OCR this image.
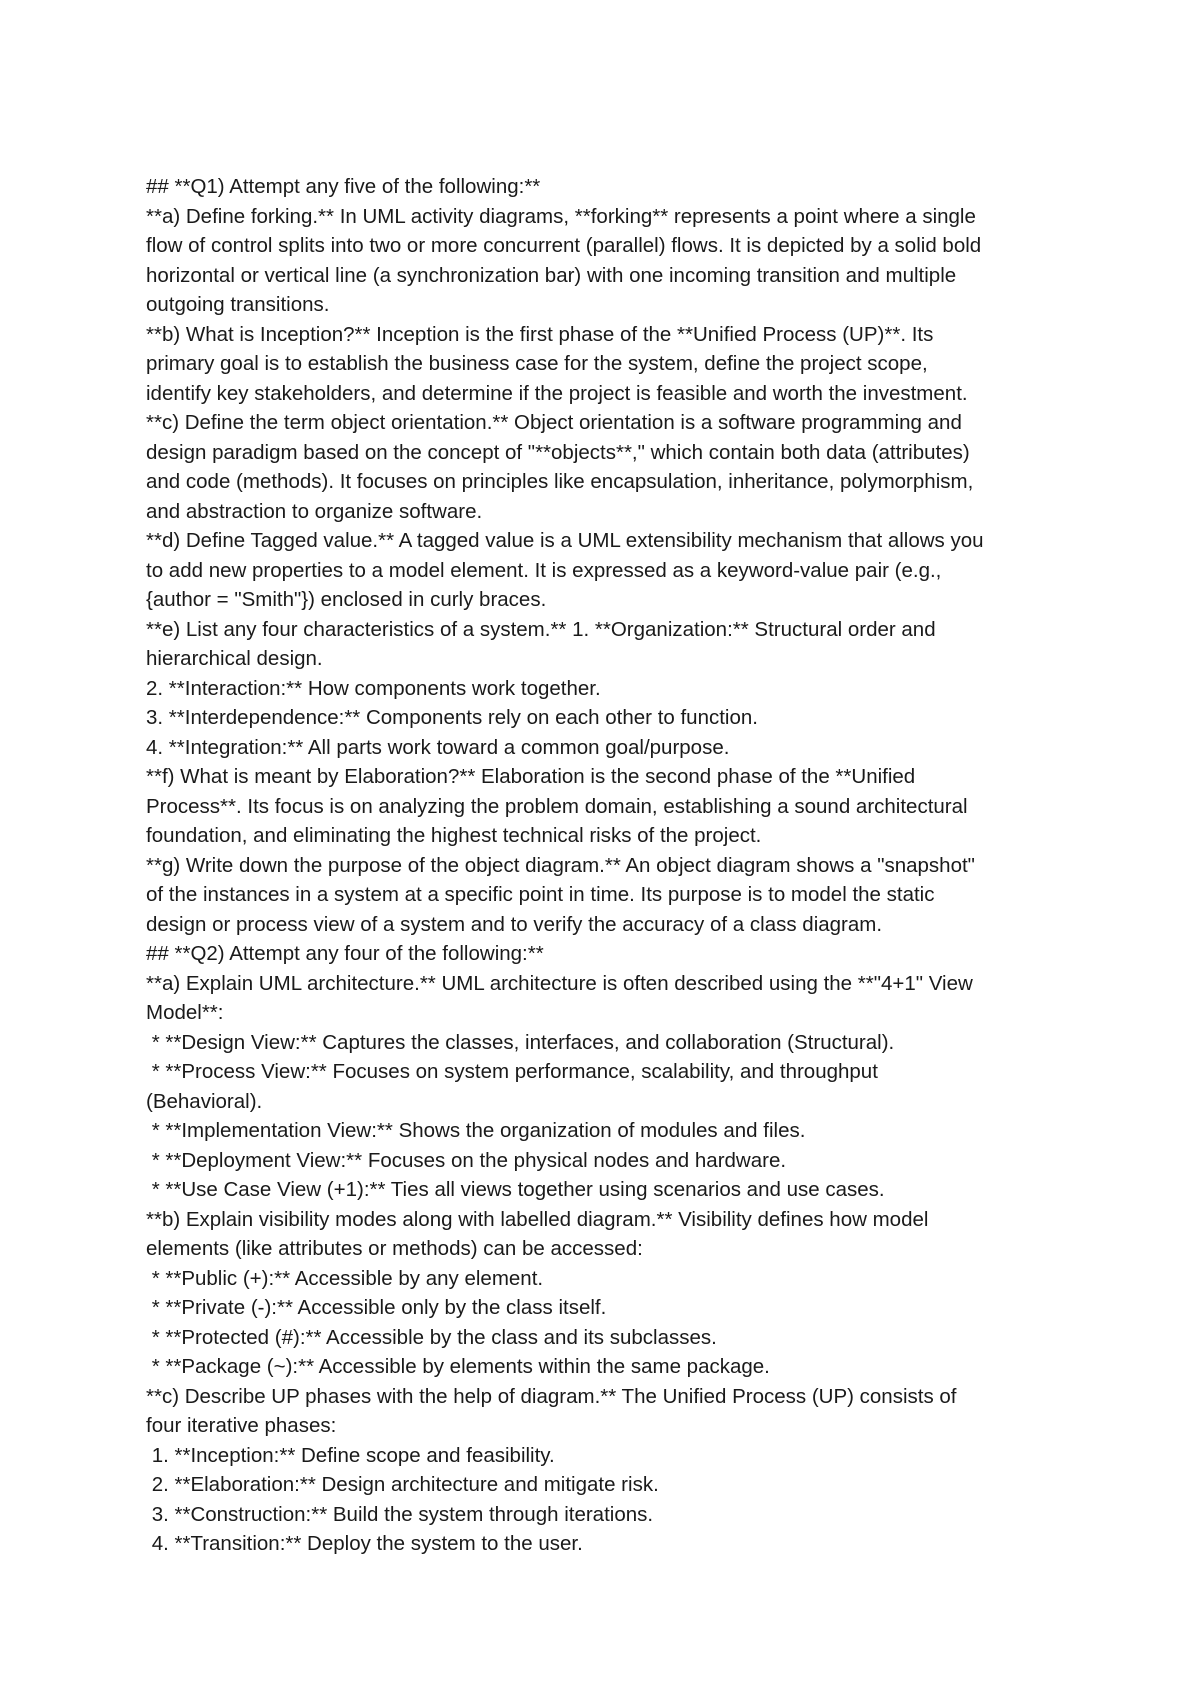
## **Q1) Attempt any five of the following:**
**a) Define forking.** In UML activity diagrams, **forking** represents a point where a single
flow of control splits into two or more concurrent (parallel) flows. It is depicted by a solid bold
horizontal or vertical line (a synchronization bar) with one incoming transition and multiple
outgoing transitions.
**b) What is Inception?** Inception is the first phase of the **Unified Process (UP)**. Its
primary goal is to establish the business case for the system, define the project scope,
identify key stakeholders, and determine if the project is feasible and worth the investment.
**c) Define the term object orientation.** Object orientation is a software programming and
design paradigm based on the concept of "**objects**," which contain both data (attributes)
and code (methods). It focuses on principles like encapsulation, inheritance, polymorphism,
and abstraction to organize software.
**d) Define Tagged value.** A tagged value is a UML extensibility mechanism that allows you
to add new properties to a model element. It is expressed as a keyword-value pair (e.g.,
{author = "Smith"}) enclosed in curly braces.
**e) List any four characteristics of a system.** 1. **Organization:** Structural order and
hierarchical design.
2. **Interaction:** How components work together.
3. **Interdependence:** Components rely on each other to function.
4. **Integration:** All parts work toward a common goal/purpose.
**f) What is meant by Elaboration?** Elaboration is the second phase of the **Unified
Process**. Its focus is on analyzing the problem domain, establishing a sound architectural
foundation, and eliminating the highest technical risks of the project.
**g) Write down the purpose of the object diagram.** An object diagram shows a "snapshot"
of the instances in a system at a specific point in time. Its purpose is to model the static
design or process view of a system and to verify the accuracy of a class diagram.
## **Q2) Attempt any four of the following:**
**a) Explain UML architecture.** UML architecture is often described using the **"4+1" View
Model**:
* **Design View:** Captures the classes, interfaces, and collaboration (Structural).
* **Process View:** Focuses on system performance, scalability, and throughput
(Behavioral).
* **Implementation View:** Shows the organization of modules and files.
* **Deployment View:** Focuses on the physical nodes and hardware.
* **Use Case View (+1):** Ties all views together using scenarios and use cases.
**b) Explain visibility modes along with labelled diagram.** Visibility defines how model
elements (like attributes or methods) can be accessed:
* **Public (+):** Accessible by any element.
* **Private (-):** Accessible only by the class itself.
* **Protected (#):** Accessible by the class and its subclasses.
* **Package (~):** Accessible by elements within the same package.
**c) Describe UP phases with the help of diagram.** The Unified Process (UP) consists of
four iterative phases:
1. **Inception:** Define scope and feasibility.
2. **Elaboration:** Design architecture and mitigate risk.
3. **Construction:** Build the system through iterations.
4. **Transition:** Deploy the system to the user.
